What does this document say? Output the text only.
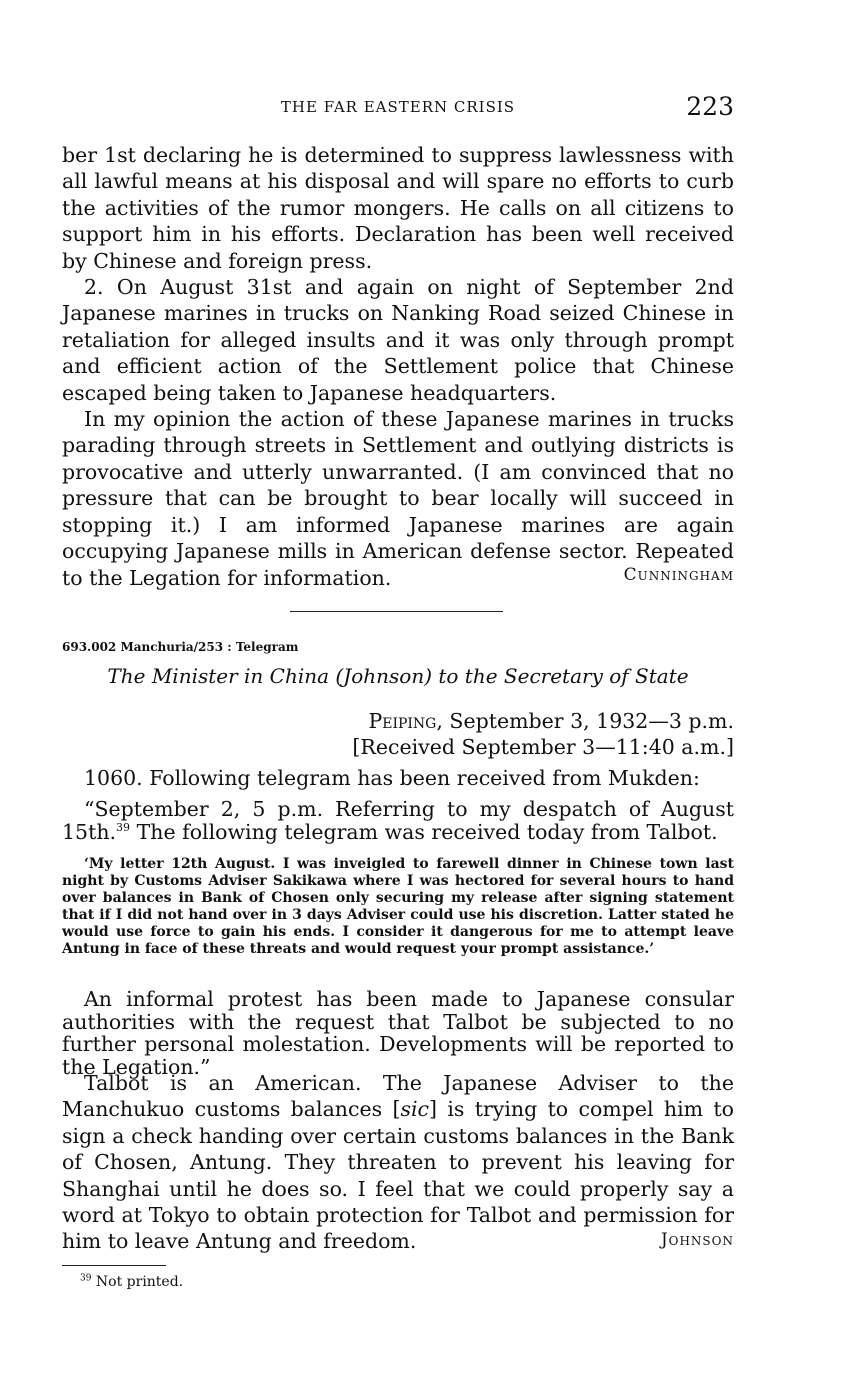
THE FAR EASTERN CRISIS	223

ber 1st declaring he is determined to suppress lawlessness with all lawful means at his disposal and will spare no efforts to curb the activities of the rumor mongers. He calls on all citizens to support him in his efforts. Declaration has been well received by Chinese and foreign press.

2. On August 31st and again on night of September 2nd Japanese marines in trucks on Nanking Road seized Chinese in retaliation for alleged insults and it was only through prompt and efficient action of the Settlement police that Chinese escaped being taken to Japanese headquarters.

In my opinion the action of these Japanese marines in trucks parading through streets in Settlement and outlying districts is provocative and utterly unwarranted. (I am convinced that no pressure that can be brought to bear locally will succeed in stopping it.) I am informed Japanese marines are again occupying Japanese mills in American defense sector. Repeated to the Legation for information.	Cunningham
693.002 Manchuria/253 : Telegram
The Minister in China (Johnson) to the Secretary of State
Peiping, September 3, 1932—3 p.m.
[Received September 3—11:40 a.m.]

1060. Following telegram has been received from Mukden:

“September 2, 5 p.m. Referring to my despatch of August 15th.$^{39}$ The following telegram was received today from Talbot.

‘My letter 12th August. I was inveigled to farewell dinner in Chinese town last night by Customs Adviser Sakikawa where I was hectored for several hours to hand over balances in Bank of Chosen only securing my release after signing statement that if I did not hand over in 3 days Adviser could use his discretion. Latter stated he would use force to gain his ends. I consider it dangerous for me to attempt leave Antung in face of these threats and would request your prompt assistance.’

An informal protest has been made to Japanese consular authorities with the request that Talbot be subjected to no further personal molestation. Developments will be reported to the Legation.”

Talbot is an American. The Japanese Adviser to the Manchukuo customs balances [sic] is trying to compel him to sign a check handing over certain customs balances in the Bank of Chosen, Antung. They threaten to prevent his leaving for Shanghai until he does so. I feel that we could properly say a word at Tokyo to obtain protection for Talbot and permission for him to leave Antung and freedom.	Johnson
$^{39}$ Not printed.
